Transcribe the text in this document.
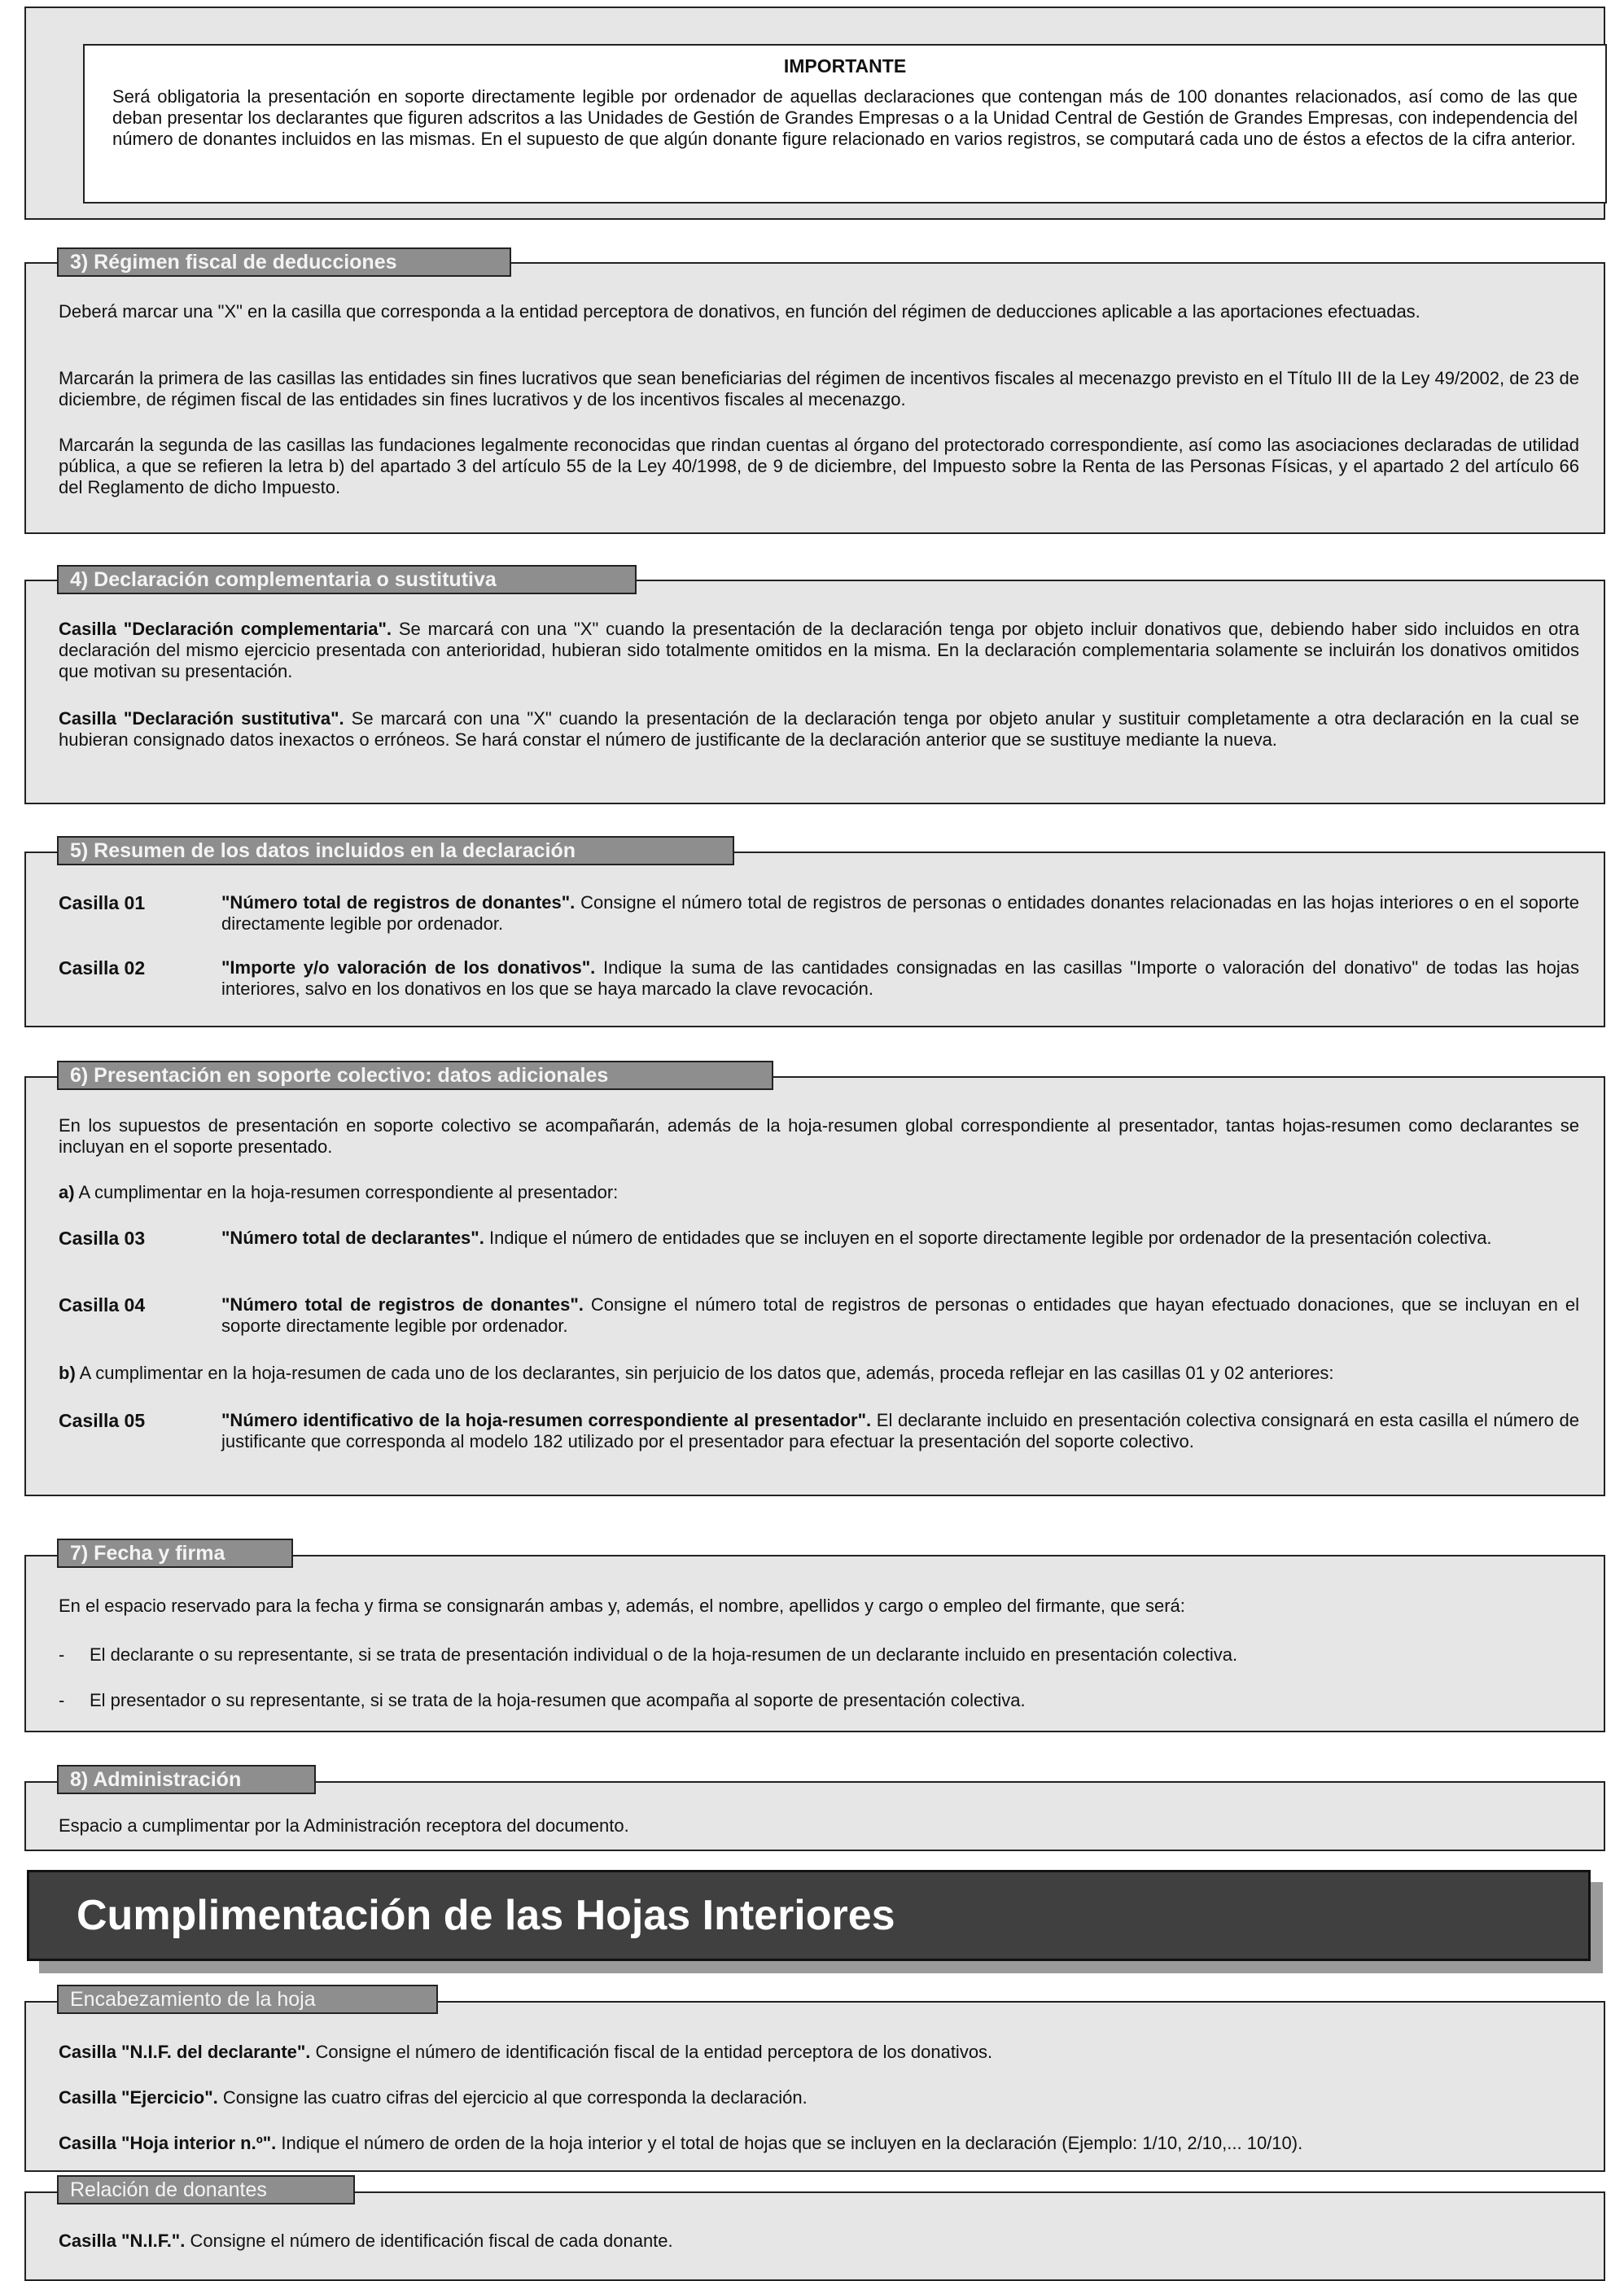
IMPORTANTE

Será obligatoria la presentación en soporte directamente legible por ordenador de aquellas declaraciones que contengan más de 100 donantes relacionados, así como de las que deban presentar los declarantes que figuren adscritos a las Unidades de Gestión de Grandes Empresas o a la Unidad Central de Gestión de Grandes Empresas, con independencia del número de donantes incluidos en las mismas. En el supuesto de que algún donante figure relacionado en varios registros, se computará cada uno de éstos a efectos de la cifra anterior.

Deberá marcar una "X" en la casilla que corresponda a la entidad perceptora de donativos, en función del régimen de deducciones aplicable a las aportaciones efectuadas.

Marcarán la primera de las casillas las entidades sin fines lucrativos que sean beneficiarias del régimen de incentivos fiscales al mecenazgo previsto en el Título III de la Ley 49/2002, de 23 de diciembre, de régimen fiscal de las entidades sin fines lucrativos y de los incentivos fiscales al mecenazgo.

Marcarán la segunda de las casillas las fundaciones legalmente reconocidas que rindan cuentas al órgano del protectorado correspondiente, así como las asociaciones declaradas de utilidad pública, a que se refieren la letra b) del apartado 3 del artículo 55 de la Ley 40/1998, de 9 de diciembre, del Impuesto sobre la Renta de las Personas Físicas, y el apartado 2 del artículo 66 del Reglamento de dicho Impuesto.

3) Régimen fiscal de deducciones

Casilla "Declaración complementaria". Se marcará con una "X" cuando la presentación de la declaración tenga por objeto incluir donativos que, debiendo haber sido incluidos en otra declaración del mismo ejercicio presentada con anterioridad, hubieran sido totalmente omitidos en la misma. En la declaración complementaria solamente se incluirán los donativos omitidos que motivan su presentación.

Casilla "Declaración sustitutiva". Se marcará con una "X" cuando la presentación de la declaración tenga por objeto anular y sustituir completamente a otra declaración en la cual se hubieran consignado datos inexactos o erróneos. Se hará constar el número de justificante de la declaración anterior que se sustituye mediante la nueva.

4) Declaración complementaria o sustitutiva
Casilla 01	"Número total de registros de donantes". Consigne el número total de registros de personas o entidades donantes relacionadas en las hojas interiores o en el soporte directamente legible por ordenador.

Casilla 02	"Importe y/o valoración de los donativos". Indique la suma de las cantidades consignadas en las casillas "Importe o valoración del donativo" de todas las hojas interiores, salvo en los donativos en los que se haya marcado la clave revocación.

5) Resumen de los datos incluidos en la declaración

En los supuestos de presentación en soporte colectivo se acompañarán, además de la hoja-resumen global correspondiente al presentador, tantas hojas-resumen como declarantes se incluyan en el soporte presentado.

a) A cumplimentar en la hoja-resumen correspondiente al presentador:

Casilla 03	"Número total de declarantes". Indique el número de entidades que se incluyen en el soporte directamente legible por ordenador de la presentación colectiva.

Casilla 04	"Número total de registros de donantes". Consigne el número total de registros de personas o entidades que hayan efectuado donaciones, que se incluyan en el soporte directamente legible por ordenador.

b) A cumplimentar en la hoja-resumen de cada uno de los declarantes, sin perjuicio de los datos que, además, proceda reflejar en las casillas 01 y 02 anteriores:

Casilla 05	"Número identificativo de la hoja-resumen correspondiente al presentador". El declarante incluido en presentación colectiva consignará en esta casilla el número de justificante que corresponda al modelo 182 utilizado por el presentador para efectuar la presentación del soporte colectivo.

6) Presentación en soporte colectivo: datos adicionales

En el espacio reservado para la fecha y firma se consignarán ambas y, además, el nombre, apellidos y cargo o empleo del firmante, que será:

- El declarante o su representante, si se trata de presentación individual o de la hoja-resumen de un declarante incluido en presentación colectiva.

- El presentador o su representante, si se trata de la hoja-resumen que acompaña al soporte de presentación colectiva.

7) Fecha y firma

Espacio a cumplimentar por la Administración receptora del documento.

8) Administración
Cumplimentación de las Hojas Interiores

Casilla "N.I.F. del declarante". Consigne el número de identificación fiscal de la entidad perceptora de los donativos.

Casilla "Ejercicio". Consigne las cuatro cifras del ejercicio al que corresponda la declaración.

Casilla "Hoja interior n.º". Indique el número de orden de la hoja interior y el total de hojas que se incluyen en la declaración (Ejemplo: 1/10, 2/10,... 10/10).

Encabezamiento de la hoja

Casilla "N.I.F.". Consigne el número de identificación fiscal de cada donante.

Relación de donantes
